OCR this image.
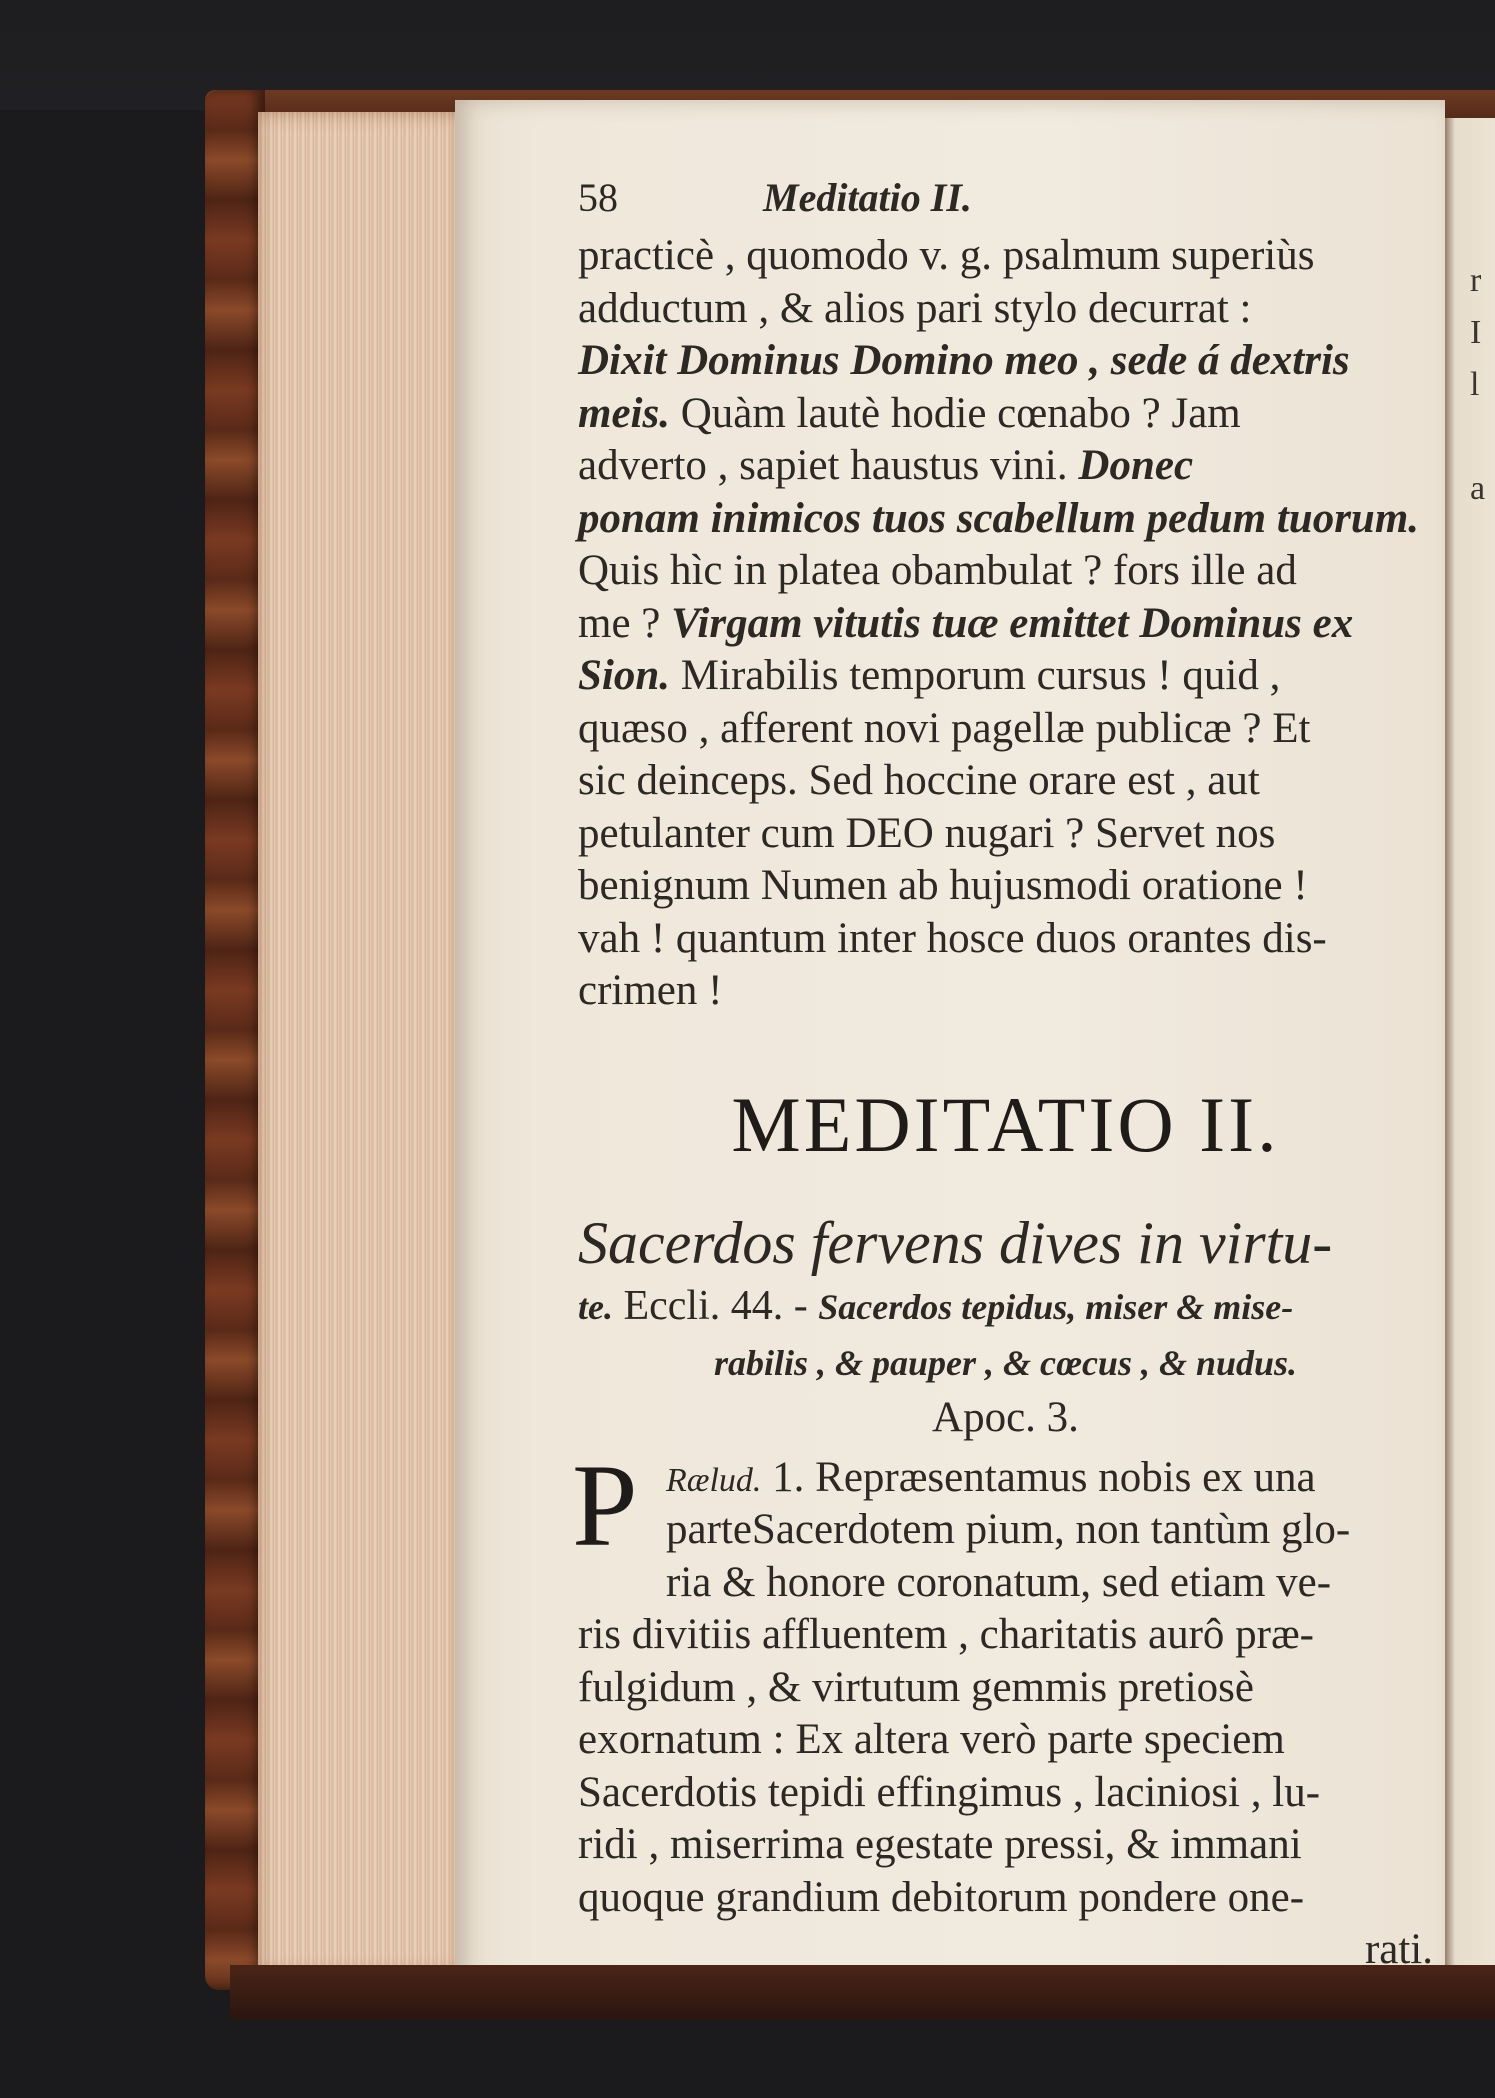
r
I
l
a
58	Meditatio II.
practicè , quomodo v. g. psalmum superiùs
adductum , & alios pari stylo decurrat :
Dixit Dominus Domino meo , sede á dextris
meis. Quàm lautè hodie cœnabo ? Jam
adverto , sapiet haustus vini. Donec
ponam inimicos tuos scabellum pedum tuorum.
Quis hìc in platea obambulat ? fors ille ad
me ? Virgam vitutis tuæ emittet Dominus ex
Sion. Mirabilis temporum cursus ! quid ,
quæso , afferent novi pagellæ publicæ ? Et
sic deinceps. Sed hoccine orare est , aut
petulanter cum DEO nugari ? Servet nos
benignum Numen ab hujusmodi oratione !
vah ! quantum inter hosce duos orantes dis-
crimen !
MEDITATIO II.
Sacerdos fervens dives in virtu-
te. Eccli. 44. - Sacerdos tepidus, miser & mise-
rabilis , & pauper , & cœcus , & nudus.
Apoc. 3.
P Rælud. 1. Repræsentamus nobis ex una
parteSacerdotem pium, non tantùm glo-
ria & honore coronatum, sed etiam ve-
ris divitiis affluentem , charitatis aurô præ-
fulgidum , & virtutum gemmis pretiosè
exornatum : Ex altera verò parte speciem
Sacerdotis tepidi effingimus , laciniosi , lu-
ridi , miserrima egestate pressi, & immani
quoque grandium debitorum pondere one-
rati.
